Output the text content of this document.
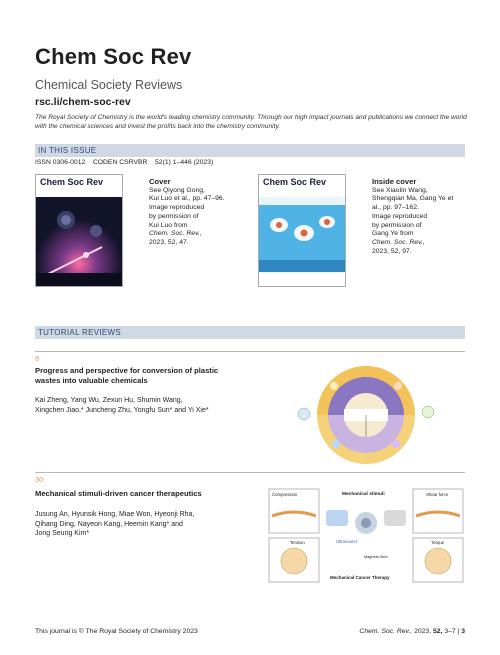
Chem Soc Rev
Chemical Society Reviews
rsc.li/chem-soc-rev
The Royal Society of Chemistry is the world's leading chemistry community. Through our high impact journals and publications we connect the world with the chemical sciences and invest the profits back into the chemistry community.
IN THIS ISSUE
ISSN 0306-0012 CODEN CSRVBR 52(1) 1–446 (2023)
Chem Soc Rev	Cover
See Qiyong Gong,
Kui Luo et al., pp. 47–96.
Image reproduced
by permission of
Kui Luo from
Chem. Soc. Rev.,
2023, 52, 47.
Chem Soc Rev	Inside cover
See Xiaolin Wang,
Shengqian Ma, Gang Ye et
al., pp. 97–162.
Image reproduced
by permission of
Gang Ye from
Chem. Soc. Rev.,
2023, 52, 97.
TUTORIAL REVIEWS
8
Progress and perspective for conversion of plastic
wastes into valuable chemicals
Kai Zheng, Yang Wu, Zexun Hu, Shumin Wang,
Xingchen Jiao,* Juncheng Zhu, Yongfu Sun* and Yi Xie*
30
Mechanical stimuli-driven cancer therapeutics
Jusung An, Hyunsik Hong, Miae Won, Hyeonji Rha,
Qihang Ding, Nayeon Kang, Heemin Kang* and
Jong Seung Kim*
Compression	Mechanical stimuli	Shear force
Ultrasound
Magnetic field
Tension	Torque
Mechanical Cancer Therapy
This journal is © The Royal Society of Chemistry 2023	Chem. Soc. Rev., 2023, 52, 3–7 | 3
